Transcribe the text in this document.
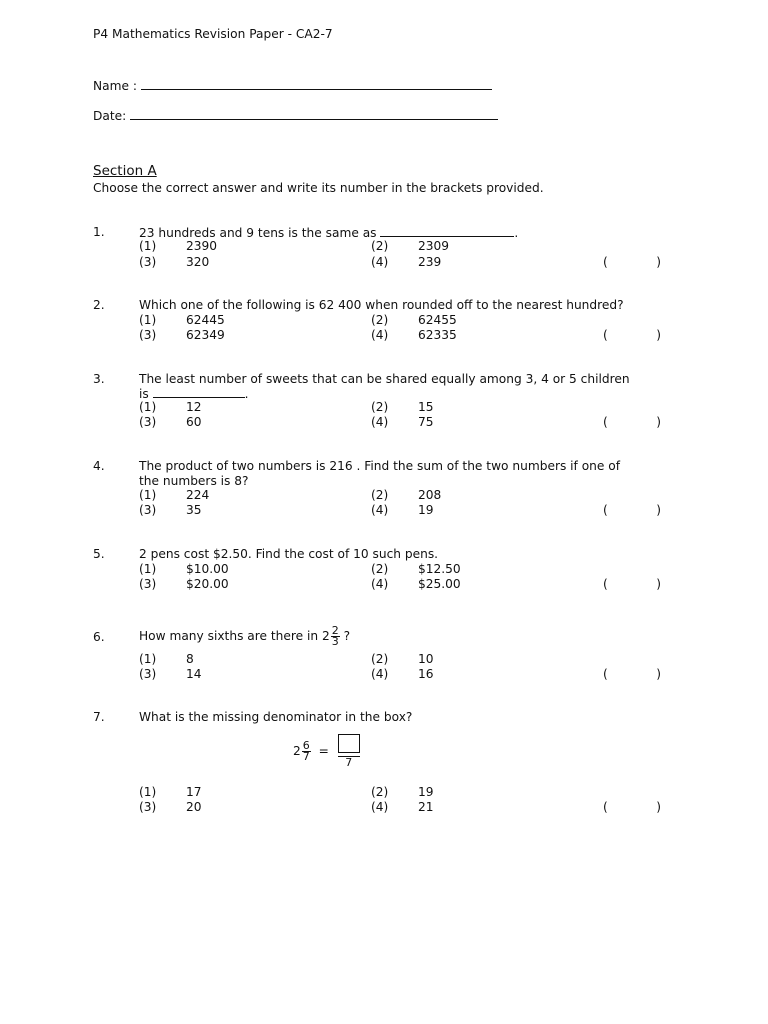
P4 Mathematics Revision Paper - CA2-7
Name :
Date:
Section A
Choose the correct answer and write its number in the brackets provided.
1.	23 hundreds and 9 tens is the same as	.
(1) 2390	(2) 2309
(3) 320	(4) 239	(	)
2.	Which one of the following is 62 400 when rounded off to the nearest hundred?
(1) 62445	(2) 62455
(3) 62349	(4) 62335	(	)
3.	The least number of sweets that can be shared equally among 3, 4 or 5 children
is	.
(1) 12	(2) 15
(3) 60	(4) 75	(	)
4.	The product of two numbers is 216 . Find the sum of the two numbers if one of
the numbers is 8?
(1) 224	(2) 208
(3) 35	(4) 19	(	)
5.	2 pens cost $2.50. Find the cost of 10 such pens.
(1) $10.00	(2) $12.50
(3) $20.00	(4) $25.00	(	)
6.	How many sixths are there in $2 \frac{2}{3}$ ?
(1) 8	(2) 10
(3) 14	(4) 16	(	)
7.	What is the missing denominator in the box?
$2 \frac{6}{7}$ =
7
(1) 17	(2) 19
(3) 20	(4) 21	(	)
